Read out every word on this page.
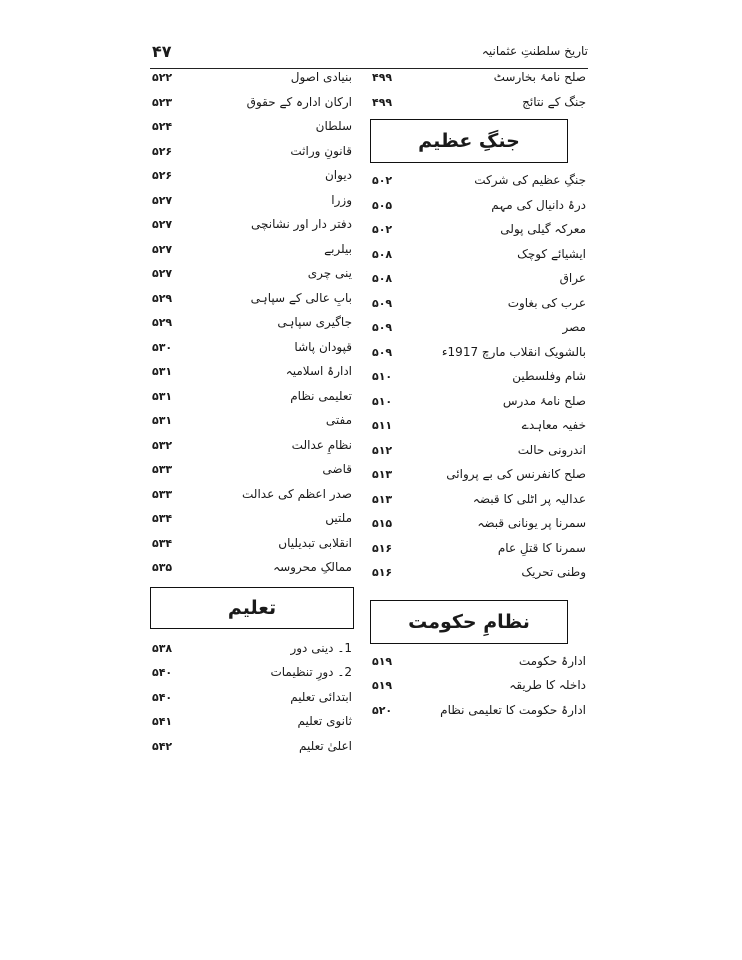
تاریخ سلطنتِ عثمانیہ
۴۷
صلح نامۂ بخارسٹ
۴۹۹
جنگ کے نتائج
۴۹۹
جنگِ عظیم
جنگِ عظیم کی شرکت
۵۰۲
درۂ دانیال کی مہم
۵۰۵
معرکہ گیلی پولی
۵۰۲
ایشیائے کوچک
۵۰۸
عراق
۵۰۸
عرب کی بغاوت
۵۰۹
مصر
۵۰۹
بالشویک انقلاب مارچ 1917ء
۵۰۹
شام وفلسطین
۵۱۰
صلح نامۂ مدرس
۵۱۰
خفیہ معاہدے
۵۱۱
اندرونی حالت
۵۱۲
صلح کانفرنس کی بے پروائی
۵۱۳
عدالیہ پر اٹلی کا قبضہ
۵۱۳
سمرنا پر یونانی قبضہ
۵۱۵
سمرنا کا قتلِ عام
۵۱۶
وطنی تحریک
۵۱۶
نظامِ حکومت
ادارۂ حکومت
۵۱۹
داخلہ کا طریقہ
۵۱۹
ادارۂ حکومت کا تعلیمی نظام
۵۲۰
بنیادی اصول
۵۲۲
ارکان ادارہ کے حقوق
۵۲۳
سلطان
۵۲۴
قانونِ وراثت
۵۲۶
دیوان
۵۲۶
وزرا
۵۲۷
دفتر دار اور نشانچی
۵۲۷
بیلربے
۵۲۷
ینی چری
۵۲۷
بابِ عالی کے سپاہی
۵۲۹
جاگیری سپاہی
۵۲۹
قپودان پاشا
۵۳۰
ادارۂ اسلامیہ
۵۳۱
تعلیمی نظام
۵۳۱
مفتی
۵۳۱
نظامِ عدالت
۵۳۲
قاضی
۵۳۳
صدر اعظم کی عدالت
۵۳۳
ملتیں
۵۳۴
انقلابی تبدیلیاں
۵۳۴
ممالکِ محروسہ
۵۳۵
تعلیم
1۔ دینی دور
۵۳۸
2۔ دورِ تنظیمات
۵۴۰
ابتدائی تعلیم
۵۴۰
ثانوی تعلیم
۵۴۱
اعلیٰ تعلیم
۵۴۲
